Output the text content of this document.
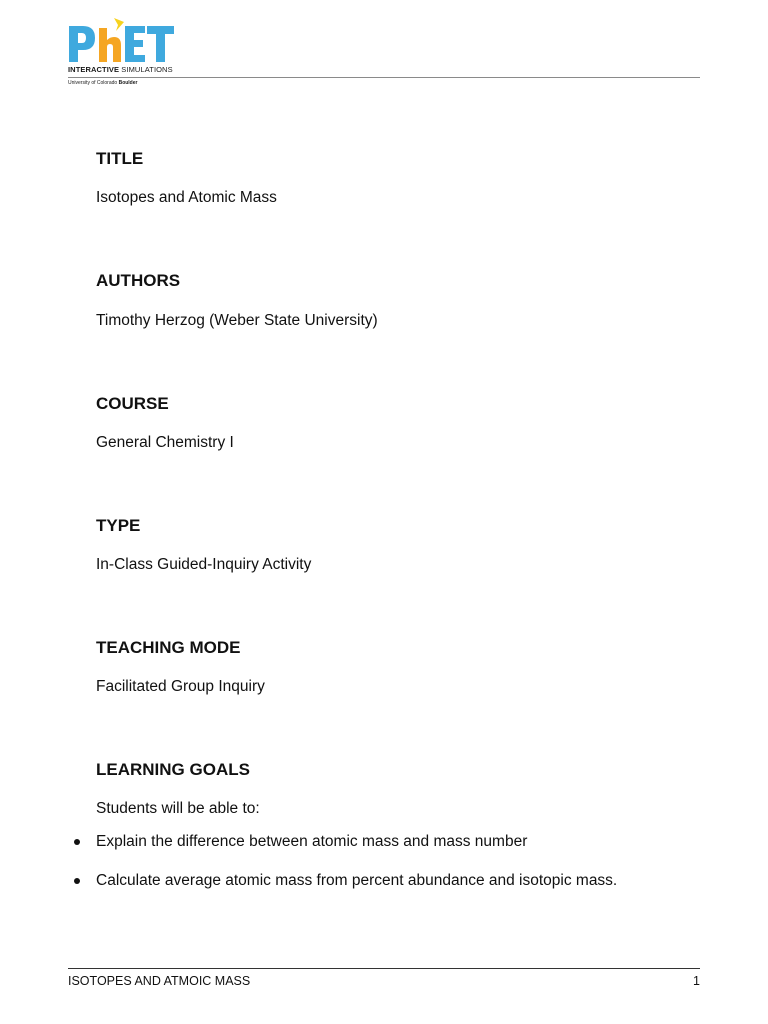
INTERACTIVE SIMULATIONS
University of Colorado Boulder
TITLE
Isotopes and Atomic Mass
AUTHORS
Timothy Herzog (Weber State University)
COURSE
General Chemistry I
TYPE
In-Class Guided-Inquiry Activity
TEACHING MODE
Facilitated Group Inquiry
LEARNING GOALS
Students will be able to:
Explain the difference between atomic mass and mass number
Calculate average atomic mass from percent abundance and isotopic mass.
ISOTOPES AND ATMOIC MASS	1
